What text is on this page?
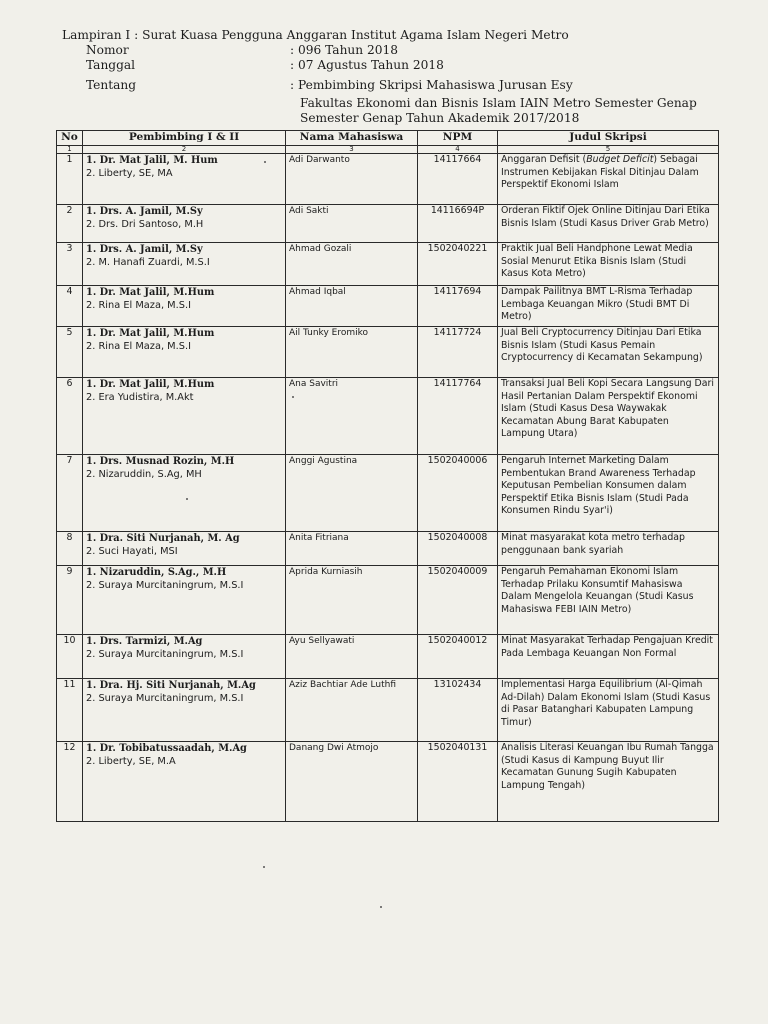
Lampiran I : Surat Kuasa Pengguna Anggaran Institut Agama Islam Negeri Metro
Nomor	: 096 Tahun 2018
Tanggal	: 07 Agustus Tahun 2018
Tentang	: Pembimbing Skripsi Mahasiswa Jurusan Esy
Fakultas Ekonomi dan Bisnis Islam IAIN Metro Semester Genap
Semester Genap Tahun Akademik 2017/2018
No	Pembimbing I & II	Nama Mahasiswa	NPM	Judul Skripsi
1	2	3	4	5
1	1. Dr. Mat Jalil, M. Hum
2. Liberty, SE, MA	Adi Darwanto	14117664	Anggaran Defisit (Budget Deficit) Sebagai Instrumen Kebijakan Fiskal Ditinjau Dalam Perspektif Ekonomi Islam
2	1. Drs. A. Jamil, M.Sy
2. Drs. Dri Santoso, M.H	Adi Sakti	14116694P	Orderan Fiktif Ojek Online Ditinjau Dari Etika Bisnis Islam (Studi Kasus Driver Grab Metro)
3	1. Drs. A. Jamil, M.Sy
2. M. Hanafi Zuardi, M.S.I	Ahmad Gozali	1502040221	Praktik Jual Beli Handphone Lewat Media Sosial Menurut Etika Bisnis Islam (Studi Kasus Kota Metro)
4	1. Dr. Mat Jalil, M.Hum
2. Rina El Maza, M.S.I	Ahmad Iqbal	14117694	Dampak Pailitnya BMT L-Risma Terhadap Lembaga Keuangan Mikro (Studi BMT Di Metro)
5	1. Dr. Mat Jalil, M.Hum
2. Rina El Maza, M.S.I	Ail Tunky Eromiko	14117724	Jual Beli Cryptocurrency Ditinjau Dari Etika Bisnis Islam (Studi Kasus Pemain Cryptocurrency di Kecamatan Sekampung)
6	1. Dr. Mat Jalil, M.Hum
2. Era Yudistira, M.Akt	Ana Savitri	14117764	Transaksi Jual Beli Kopi Secara Langsung Dari Hasil Pertanian Dalam Perspektif Ekonomi Islam (Studi Kasus Desa Waywakak Kecamatan Abung Barat Kabupaten Lampung Utara)
7	1. Drs. Musnad Rozin, M.H
2. Nizaruddin, S.Ag, MH	Anggi Agustina	1502040006	Pengaruh Internet Marketing Dalam Pembentukan Brand Awareness Terhadap Keputusan Pembelian Konsumen dalam Perspektif Etika Bisnis Islam (Studi Pada Konsumen Rindu Syar'i)
8	1. Dra. Siti Nurjanah, M. Ag
2. Suci Hayati, MSI	Anita Fitriana	1502040008	Minat masyarakat kota metro terhadap penggunaan bank syariah
9	1. Nizaruddin, S.Ag., M.H
2. Suraya Murcitaningrum, M.S.I	Aprida Kurniasih	1502040009	Pengaruh Pemahaman Ekonomi Islam Terhadap Prilaku Konsumtif Mahasiswa Dalam Mengelola Keuangan (Studi Kasus Mahasiswa FEBI IAIN Metro)
10	1. Drs. Tarmizi, M.Ag
2. Suraya Murcitaningrum, M.S.I	Ayu Sellyawati	1502040012	Minat Masyarakat Terhadap Pengajuan Kredit Pada Lembaga Keuangan Non Formal
11	1. Dra. Hj. Siti Nurjanah, M.Ag
2. Suraya Murcitaningrum, M.S.I	Aziz Bachtiar Ade Luthfi	13102434	Implementasi Harga Equilibrium (Al-Qimah Ad-Dilah) Dalam Ekonomi Islam (Studi Kasus di Pasar Batanghari Kabupaten Lampung Timur)
12	1. Dr. Tobibatussaadah, M.Ag
2. Liberty, SE, M.A	Danang Dwi Atmojo	1502040131	Analisis Literasi Keuangan Ibu Rumah Tangga (Studi Kasus di Kampung Buyut Ilir Kecamatan Gunung Sugih Kabupaten Lampung Tengah)
